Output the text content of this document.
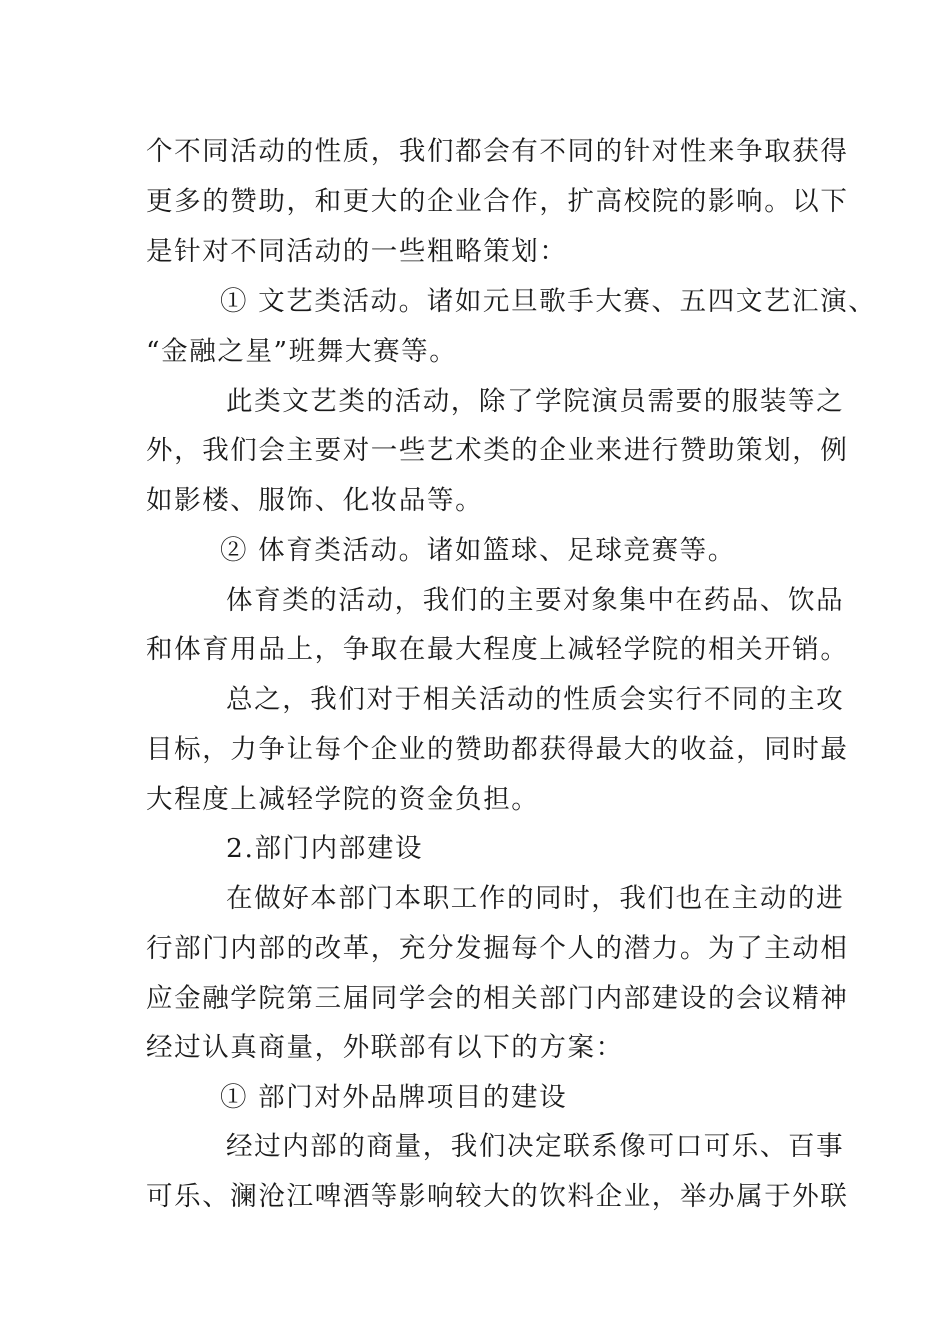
个不同活动的性质，我们都会有不同的针对性来争取获得
更多的赞助，和更大的企业合作，扩高校院的影响。以下
是针对不同活动的一些粗略策划：
① 文艺类活动。诸如元旦歌手大赛、五四文艺汇演、
“金融之星”班舞大赛等。
此类文艺类的活动，除了学院演员需要的服装等之
外，我们会主要对一些艺术类的企业来进行赞助策划，例
如影楼、服饰、化妆品等。
② 体育类活动。诸如篮球、足球竞赛等。
体育类的活动，我们的主要对象集中在药品、饮品
和体育用品上，争取在最大程度上减轻学院的相关开销。
总之，我们对于相关活动的性质会实行不同的主攻
目标，力争让每个企业的赞助都获得最大的收益，同时最
大程度上减轻学院的资金负担。
2.部门内部建设
在做好本部门本职工作的同时，我们也在主动的进
行部门内部的改革，充分发掘每个人的潜力。为了主动相
应金融学院第三届同学会的相关部门内部建设的会议精神
经过认真商量，外联部有以下的方案：
① 部门对外品牌项目的建设
经过内部的商量，我们决定联系像可口可乐、百事
可乐、澜沧江啤酒等影响较大的饮料企业，举办属于外联
